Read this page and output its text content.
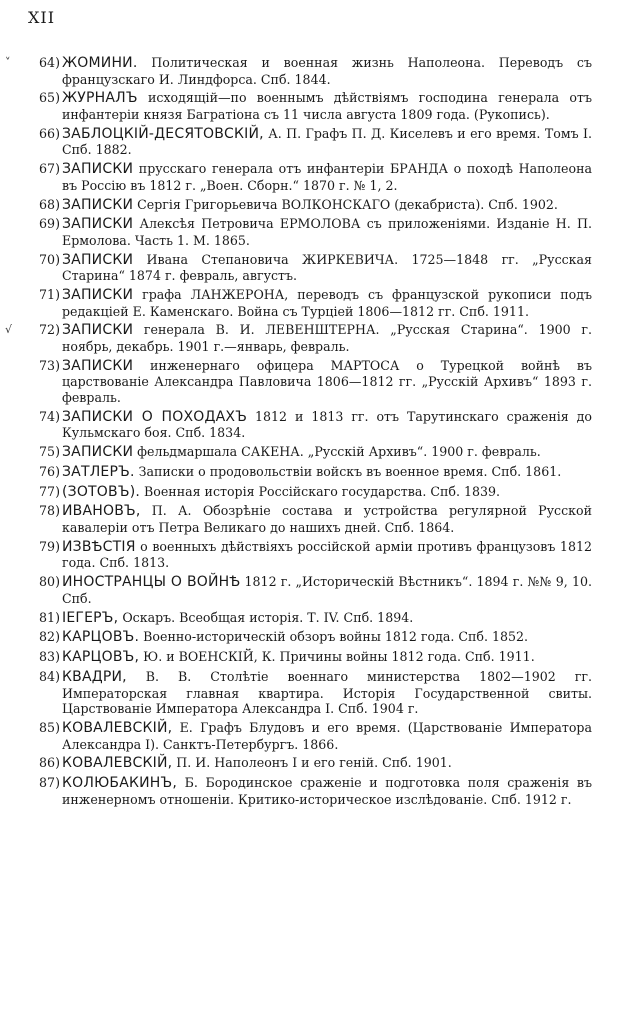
XII
˅	64) ЖОМИНИ. Политическая и военная жизнь Наполеона. Переводъ съ французскаго И. Линдфорса. Спб. 1844.
65) ЖУРНАЛЪ исходящій—по военнымъ дѣйствіямъ господина генерала отъ инфантеріи князя Багратіона съ 11 числа августа 1809 года. (Рукопись).
66) ЗАБЛОЦКІЙ-ДЕСЯТОВСКІЙ, А. П. Графъ П. Д. Киселевъ и его время. Томъ I. Спб. 1882.
67) ЗАПИСКИ прусскаго генерала отъ инфантеріи БРАНДА о походѣ Наполеона въ Россію въ 1812 г. „Воен. Сборн.“ 1870 г. № 1, 2.
68) ЗАПИСКИ Сергія Григорьевича ВОЛКОНСКАГО (декабриста). Спб. 1902.
69) ЗАПИСКИ Алексѣя Петровича ЕРМОЛОВА съ приложеніями. Изданіе Н. П. Ермолова. Часть 1. М. 1865.
70) ЗАПИСКИ Ивана Степановича ЖИРКЕВИЧА. 1725—1848 гг. „Русская Старина“ 1874 г. февраль, августъ.
71) ЗАПИСКИ графа ЛАНЖЕРОНА, переводъ съ французской рукописи подъ редакціей Е. Каменскаго. Война съ Турціей 1806—1812 гг. Спб. 1911.
√	72) ЗАПИСКИ генерала В. И. ЛЕВЕНШТЕРНА. „Русская Старина“. 1900 г. ноябрь, декабрь. 1901 г.—январь, февраль.
73) ЗАПИСКИ инженернаго офицера МАРТОСА о Турецкой войнѣ въ царствованіе Александра Павловича 1806—1812 гг. „Русскій Архивъ“ 1893 г. февраль.
74) ЗАПИСКИ О ПОХОДАХЪ 1812 и 1813 гг. отъ Тарутинскаго сраженія до Кульмскаго боя. Спб. 1834.
75) ЗАПИСКИ фельдмаршала САКЕНА. „Русскій Архивъ“. 1900 г. февраль.
76) ЗАТЛЕРЪ. Записки о продовольствіи войскъ въ военное время. Спб. 1861.
77) (ЗОТОВЪ). Военная исторія Россійскаго государства. Спб. 1839.
78) ИВАНОВЪ, П. А. Обозрѣніе состава и устройства регулярной Русской кавалеріи отъ Петра Великаго до нашихъ дней. Спб. 1864.
79) ИЗВѢСТІЯ о военныхъ дѣйствіяхъ россійской арміи противъ французовъ 1812 года. Спб. 1813.
80) ИНОСТРАНЦЫ О ВОЙНѢ 1812 г. „Историческій Вѣстникъ“. 1894 г. №№ 9, 10. Спб.
81) ІЕГЕРЪ, Оскаръ. Всеобщая исторія. Т. IV. Спб. 1894.
82) КАРЦОВЪ. Военно-историческій обзоръ войны 1812 года. Спб. 1852.
83) КАРЦОВЪ, Ю. и ВОЕНСКІЙ, К. Причины войны 1812 года. Спб. 1911.
84) КВАДРИ, В. В. Столѣтіе военнаго министерства 1802—1902 гг. Императорская главная квартира. Исторія Государственной свиты. Царствованіе Императора Александра I. Спб. 1904 г.
85) КОВАЛЕВСКІЙ, Е. Графъ Блудовъ и его время. (Царствованіе Императора Александра I). Санктъ-Петербургъ. 1866.
86) КОВАЛЕВСКІЙ, П. И. Наполеонъ I и его геній. Спб. 1901.
87) КОЛЮБАКИНЪ, Б. Бородинское сраженіе и подготовка поля сраженія въ инженерномъ отношеніи. Критико-историческое изслѣдованіе. Спб. 1912 г.
